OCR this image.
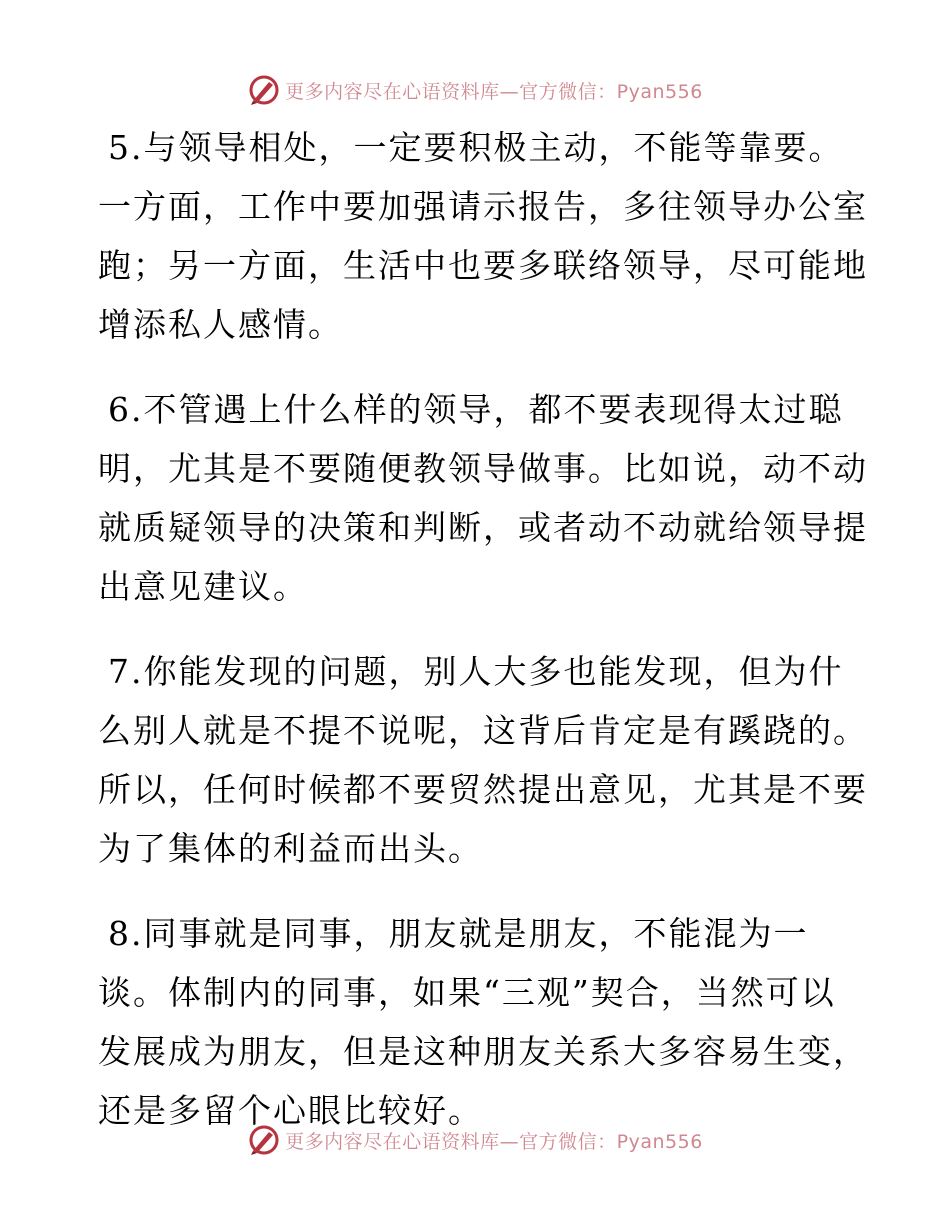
更多内容尽在心语资料库—官方微信：Pyan556
5.与领导相处，一定要积极主动，不能等靠要。
一方面，工作中要加强请示报告，多往领导办公室
跑；另一方面，生活中也要多联络领导，尽可能地
增添私人感情。
6.不管遇上什么样的领导，都不要表现得太过聪
明，尤其是不要随便教领导做事。比如说，动不动
就质疑领导的决策和判断，或者动不动就给领导提
出意见建议。
7.你能发现的问题，别人大多也能发现，但为什
么别人就是不提不说呢，这背后肯定是有蹊跷的。
所以，任何时候都不要贸然提出意见，尤其是不要
为了集体的利益而出头。
8.同事就是同事，朋友就是朋友，不能混为一
谈。体制内的同事，如果“三观”契合，当然可以
发展成为朋友，但是这种朋友关系大多容易生变，
还是多留个心眼比较好。
更多内容尽在心语资料库—官方微信：Pyan556
